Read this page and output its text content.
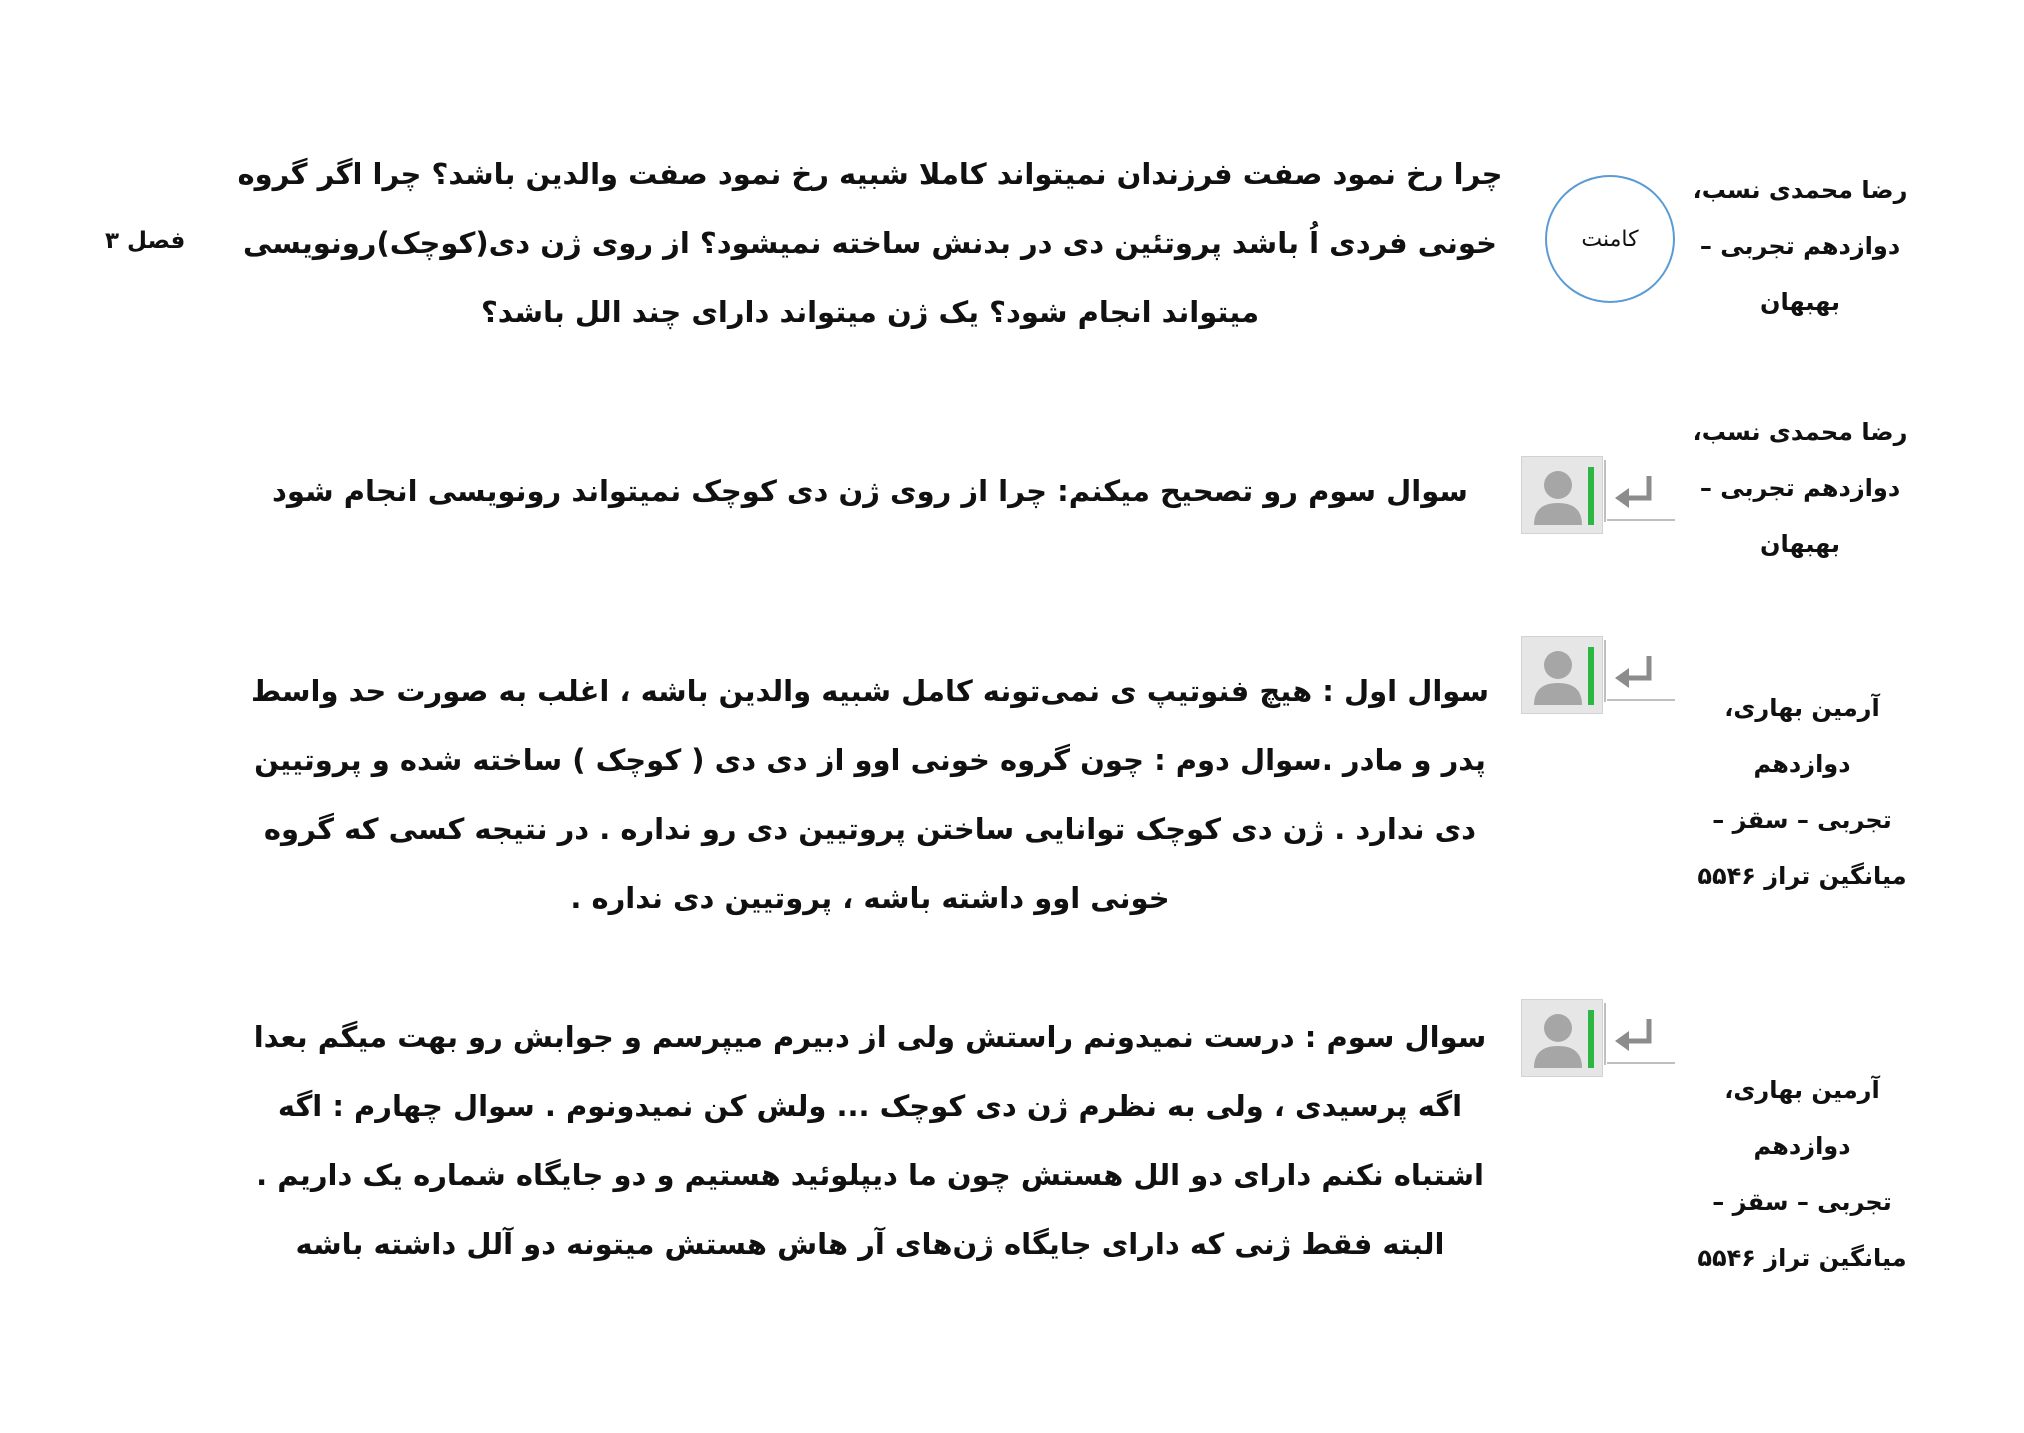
رضا محمدی نسب،
دوازدهم تجربی –
بهبهان
کامنت
چرا رخ نمود صفت فرزندان نمیتواند کاملا شبیه رخ نمود صفت والدین باشد؟ چرا اگر گروه خونی فردی اُ باشد پروتئین دی در بدنش ساخته نمیشود؟ از روی ژن دی(کوچک)رونویسی میتواند انجام شود؟ یک ژن میتواند دارای چند الل باشد؟
فصل ۳
رضا محمدی نسب،
دوازدهم تجربی –
بهبهان
سوال سوم رو تصحیح میکنم: چرا از روی ژن دی کوچک نمیتواند رونویسی انجام شود
آرمین بهاری، دوازدهم
تجربی – سقز –
میانگین تراز ۵۵۴۶
سوال اول : هیچ فنوتیپ ی نمی‌تونه کامل شبیه والدین باشه ، اغلب به صورت حد واسط پدر و مادر .سوال دوم : چون گروه خونی اوو از دی دی ( کوچک ) ساخته شده و پروتیین دی ندارد . ژن دی کوچک توانایی ساختن پروتیین دی رو نداره . در نتیجه کسی که گروه خونی اوو داشته باشه ، پروتیین دی نداره .
آرمین بهاری، دوازدهم
تجربی – سقز –
میانگین تراز ۵۵۴۶
سوال سوم : درست نمیدونم راستش ولی از دبیرم میپرسم و جوابش رو بهت میگم بعدا اگه پرسیدی ، ولی به نظرم ژن دی کوچک ... ولش کن نمیدونوم . سوال چهارم : اگه اشتباه نکنم دارای دو الل هستش چون ما دیپلوئید هستیم و دو جایگاه شماره یک داریم . البته فقط ژنی که دارای جایگاه ژن‌های آر هاش هستش میتونه دو آلل داشته باشه
